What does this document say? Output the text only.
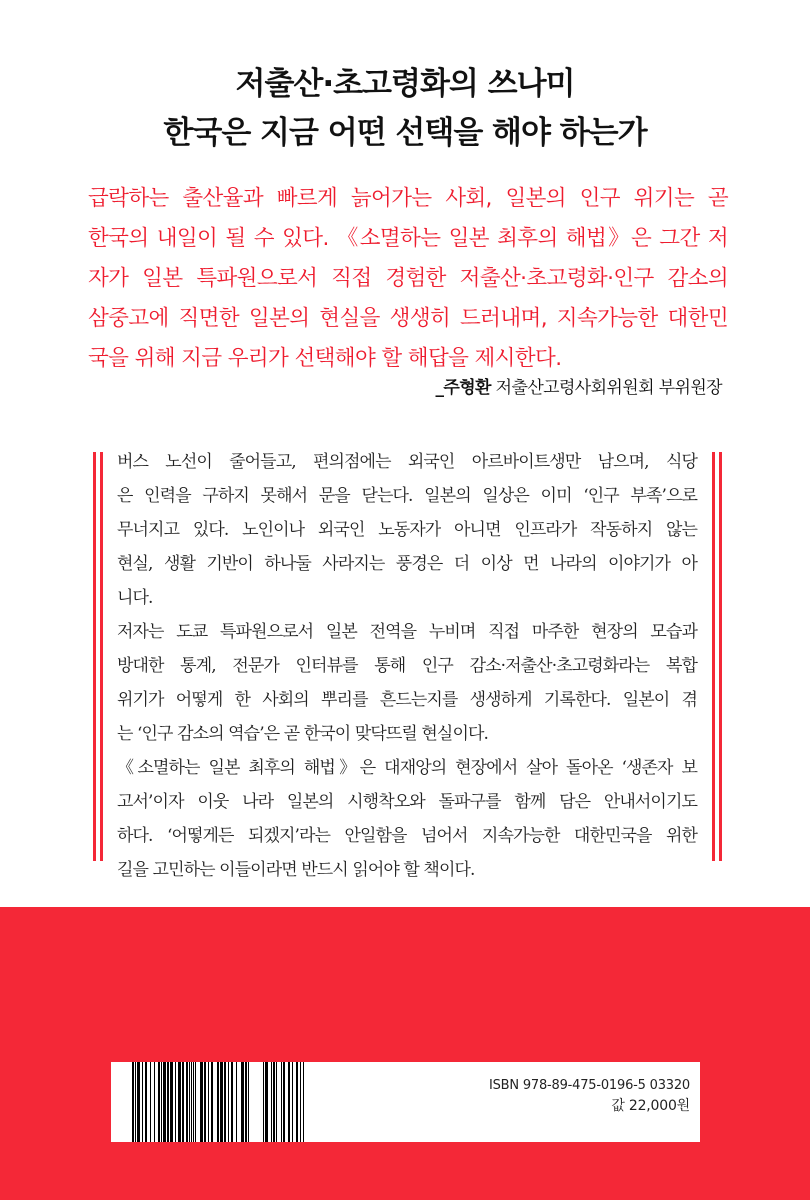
저출산·초고령화의 쓰나미
한국은 지금 어떤 선택을 해야 하는가
급락하는 출산율과 빠르게 늙어가는 사회, 일본의 인구 위기는 곧
한국의 내일이 될 수 있다. 《소멸하는 일본 최후의 해법》은 그간 저
자가 일본 특파원으로서 직접 경험한 저출산·초고령화·인구 감소의
삼중고에 직면한 일본의 현실을 생생히 드러내며, 지속가능한 대한민
국을 위해 지금 우리가 선택해야 할 해답을 제시한다.
_주형환 저출산고령사회위원회 부위원장
버스 노선이 줄어들고, 편의점에는 외국인 아르바이트생만 남으며, 식당
은 인력을 구하지 못해서 문을 닫는다. 일본의 일상은 이미 ‘인구 부족’으로
무너지고 있다. 노인이나 외국인 노동자가 아니면 인프라가 작동하지 않는
현실, 생활 기반이 하나둘 사라지는 풍경은 더 이상 먼 나라의 이야기가 아
니다.
저자는 도쿄 특파원으로서 일본 전역을 누비며 직접 마주한 현장의 모습과
방대한 통계, 전문가 인터뷰를 통해 인구 감소·저출산·초고령화라는 복합
위기가 어떻게 한 사회의 뿌리를 흔드는지를 생생하게 기록한다. 일본이 겪
는 ‘인구 감소의 역습’은 곧 한국이 맞닥뜨릴 현실이다.
《소멸하는 일본 최후의 해법》은 대재앙의 현장에서 살아 돌아온 ‘생존자 보
고서’이자 이웃 나라 일본의 시행착오와 돌파구를 함께 담은 안내서이기도
하다. ‘어떻게든 되겠지’라는 안일함을 넘어서 지속가능한 대한민국을 위한
길을 고민하는 이들이라면 반드시 읽어야 할 책이다.
ISBN 978-89-475-0196-5 03320
값 22,000원
